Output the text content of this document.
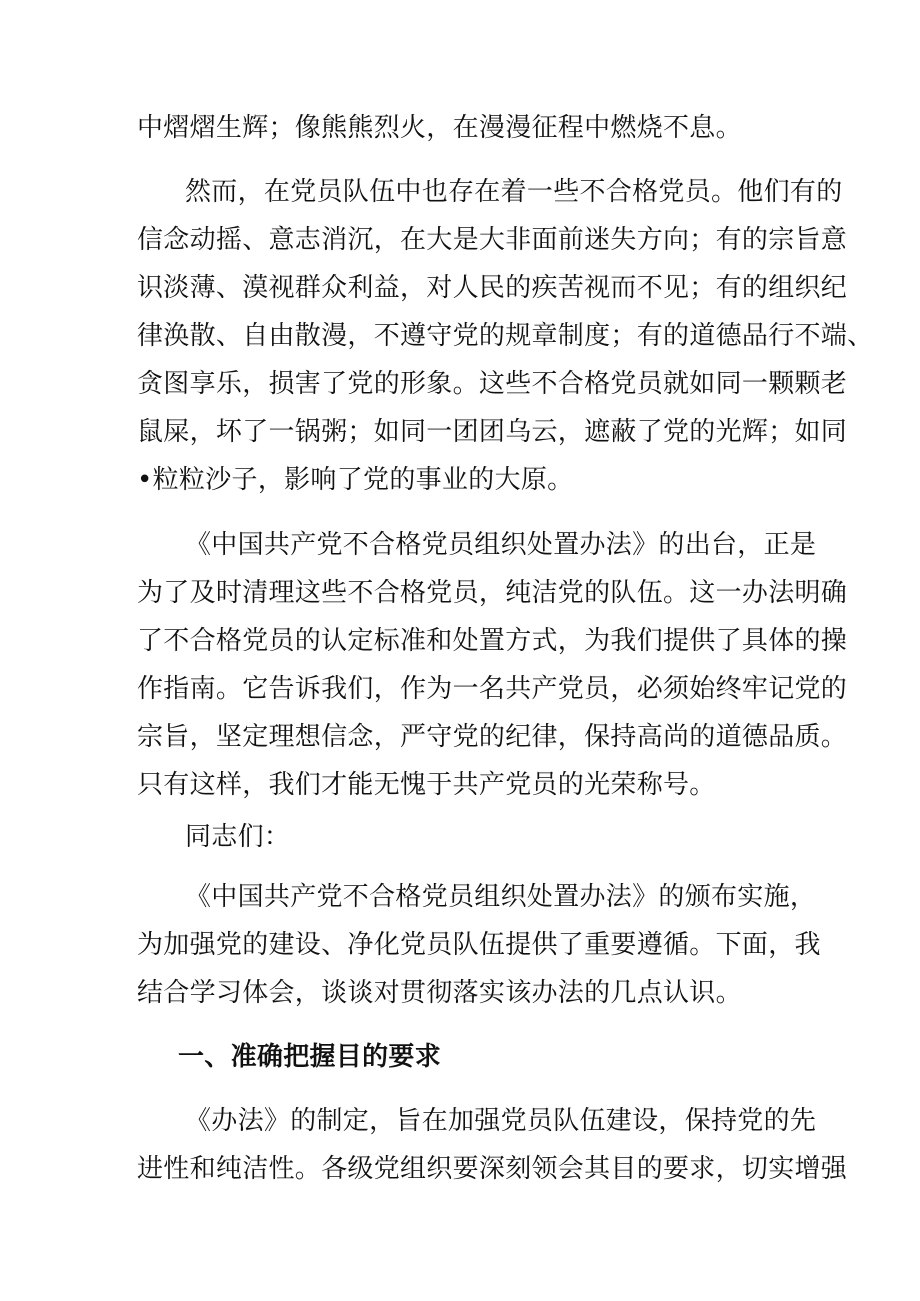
中熠熠生辉；像熊熊烈火，在漫漫征程中燃烧不息。
然而，在党员队伍中也存在着一些不合格党员。他们有的
信念动摇、意志消沉，在大是大非面前迷失方向；有的宗旨意
识淡薄、漠视群众利益，对人民的疾苦视而不见；有的组织纪
律涣散、自由散漫，不遵守党的规章制度；有的道德品行不端、
贪图享乐，损害了党的形象。这些不合格党员就如同一颗颗老
鼠屎，坏了一锅粥；如同一团团乌云，遮蔽了党的光辉；如同
•粒粒沙子，影响了党的事业的大原。
《中国共产党不合格党员组织处置办法》的出台，正是
为了及时清理这些不合格党员，纯洁党的队伍。这一办法明确
了不合格党员的认定标准和处置方式，为我们提供了具体的操
作指南。它告诉我们，作为一名共产党员，必须始终牢记党的
宗旨，坚定理想信念，严守党的纪律，保持高尚的道德品质。
只有这样，我们才能无愧于共产党员的光荣称号。
同志们：
《中国共产党不合格党员组织处置办法》的颁布实施，
为加强党的建设、净化党员队伍提供了重要遵循。下面，我
结合学习体会，谈谈对贯彻落实该办法的几点认识。
一、准确把握目的要求
《办法》的制定，旨在加强党员队伍建设，保持党的先
进性和纯洁性。各级党组织要深刻领会其目的要求，切实增强
